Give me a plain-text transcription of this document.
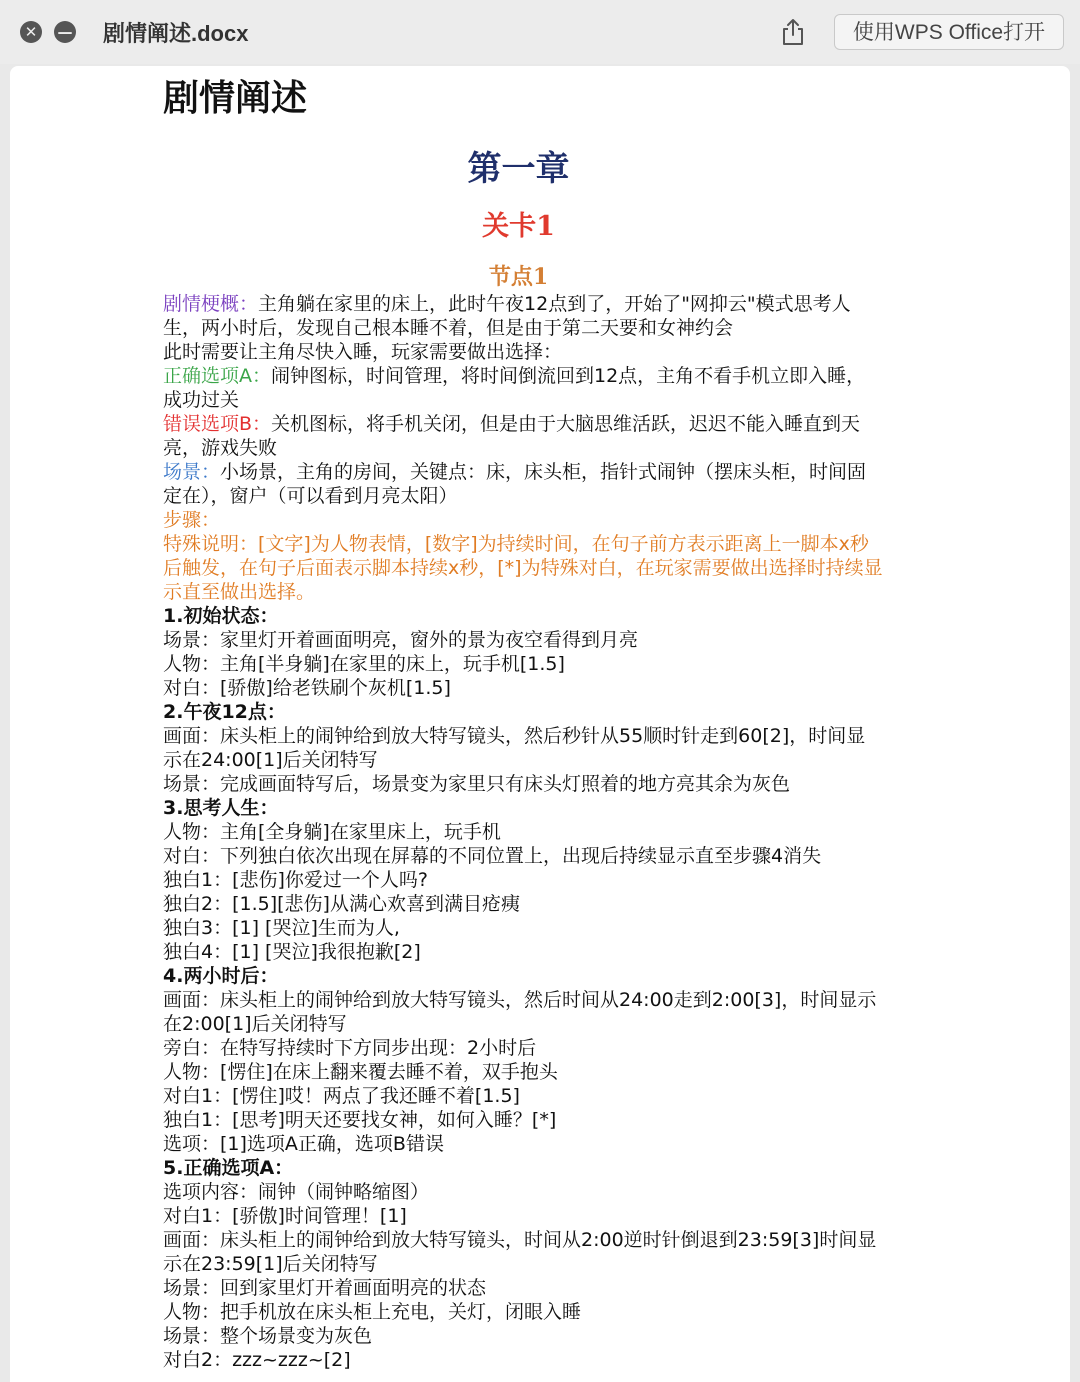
✕	— 剧情阐述.docx	使用WPS Office打开
剧情阐述
第一章
关卡1
节点1

剧情梗概：主角躺在家里的床上，此时午夜12点到了，开始了"网抑云"模式思考人生，两小时后，发现自己根本睡不着，但是由于第二天要和女神约会

此时需要让主角尽快入睡，玩家需要做出选择：

正确选项A：闹钟图标，时间管理，将时间倒流回到12点，主角不看手机立即入睡，成功过关

错误选项B：关机图标，将手机关闭，但是由于大脑思维活跃，迟迟不能入睡直到天亮，游戏失败

场景：小场景，主角的房间，关键点：床，床头柜，指针式闹钟（摆床头柜，时间固定在），窗户（可以看到月亮太阳）

步骤：

特殊说明：[文字]为人物表情，[数字]为持续时间，在句子前方表示距离上一脚本x秒后触发，在句子后面表示脚本持续x秒，[*]为特殊对白，在玩家需要做出选择时持续显示直至做出选择。

1.初始状态：

场景：家里灯开着画面明亮，窗外的景为夜空看得到月亮

人物：主角[半身躺]在家里的床上，玩手机[1.5]

对白：[骄傲]给老铁刷个灰机[1.5]

2.午夜12点：

画面：床头柜上的闹钟给到放大特写镜头，然后秒针从55顺时针走到60[2]，时间显示在24:00[1]后关闭特写

场景：完成画面特写后，场景变为家里只有床头灯照着的地方亮其余为灰色

3.思考人生：

人物：主角[全身躺]在家里床上，玩手机

对白：下列独白依次出现在屏幕的不同位置上，出现后持续显示直至步骤4消失

独白1：[悲伤]你爱过一个人吗?

独白2：[1.5][悲伤]从满心欢喜到满目疮痍

独白3：[1] [哭泣]生而为人,

独白4：[1] [哭泣]我很抱歉[2]

4.两小时后：

画面：床头柜上的闹钟给到放大特写镜头，然后时间从24:00走到2:00[3]，时间显示在2:00[1]后关闭特写

旁白：在特写持续时下方同步出现：2小时后

人物：[愣住]在床上翻来覆去睡不着，双手抱头

对白1：[愣住]哎！两点了我还睡不着[1.5]

独白1：[思考]明天还要找女神，如何入睡？[*]

选项：[1]选项A正确，选项B错误

5.正确选项A：

选项内容：闹钟（闹钟略缩图）

对白1：[骄傲]时间管理！[1]

画面：床头柜上的闹钟给到放大特写镜头，时间从2:00逆时针倒退到23:59[3]时间显示在23:59[1]后关闭特写

场景：回到家里灯开着画面明亮的状态

人物：把手机放在床头柜上充电，关灯，闭眼入睡

场景：整个场景变为灰色

对白2：zzz~zzz~[2]
